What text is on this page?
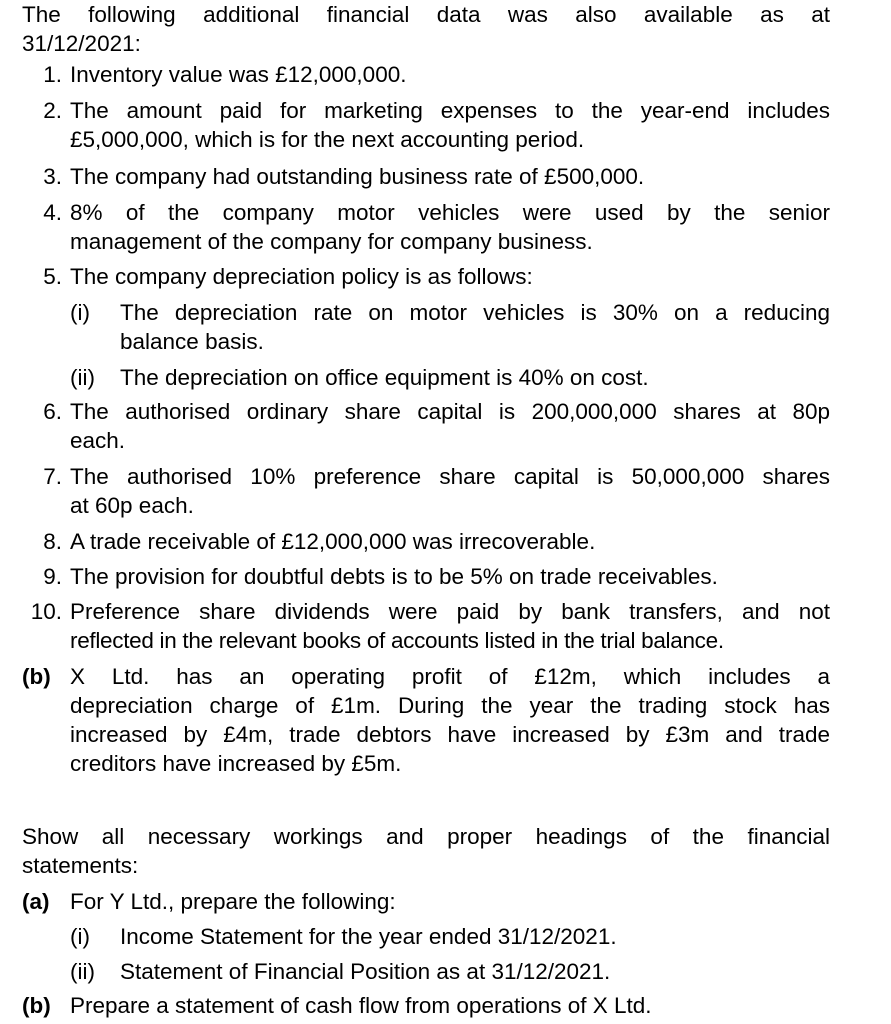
The following additional financial data was also available as at
31/12/2021:
1. Inventory value was £12,000,000.
2. The amount paid for marketing expenses to the year-end includes
£5,000,000, which is for the next accounting period.
3. The company had outstanding business rate of £500,000.
4. 8% of the company motor vehicles were used by the senior
management of the company for company business.
5. The company depreciation policy is as follows:
(i) The depreciation rate on motor vehicles is 30% on a reducing
balance basis.
(ii) The depreciation on office equipment is 40% on cost.
6. The authorised ordinary share capital is 200,000,000 shares at 80p
each.
7. The authorised 10% preference share capital is 50,000,000 shares
at 60p each.
8. A trade receivable of £12,000,000 was irrecoverable.
9. The provision for doubtful debts is to be 5% on trade receivables.
10. Preference share dividends were paid by bank transfers, and not
reflected in the relevant books of accounts listed in the trial balance.
(b) X Ltd. has an operating profit of £12m, which includes a
depreciation charge of £1m. During the year the trading stock has
increased by £4m, trade debtors have increased by £3m and trade
creditors have increased by £5m.
Show all necessary workings and proper headings of the financial
statements:
(a) For Y Ltd., prepare the following:
(i) Income Statement for the year ended 31/12/2021.
(ii) Statement of Financial Position as at 31/12/2021.
(b) Prepare a statement of cash flow from operations of X Ltd.
